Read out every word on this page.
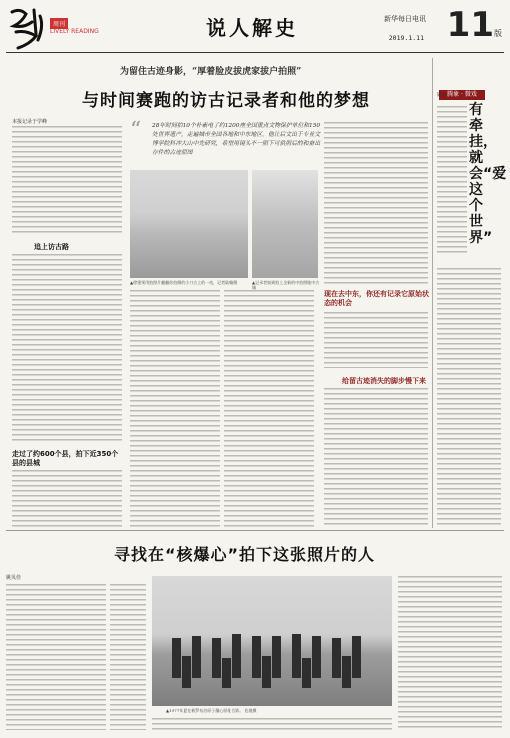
周刊
LIVELY READING	说人解史	新华每日电讯
2019.1.11 11 版
为留住古迹身影，“厚着脸皮拔虎家拔户拍照”
与时间赛跑的访古记录者和他的梦想
本报记录于学峰	“ 28年时间拍10个朴素电了约1200座全国重点文物保护单位和150处世界遗产，走遍城市全国各地和中东地区。他让后文出于专业文博学院科冲大山中先研究，希望用镜头不一照下可供照后的和奋出存件的古迹原图
▲徐建领用拍照片翻翻你拍摄的小刀古上的一站，记者陆翰摄	▲记录者如到拍上全新的中拍照地中古城
追上访古路
走过了约600个县，拍下近350个县的县城
现在去中东，你还有记录它原始状态的机会
给留古迹消失的脚步慢下来
腾象 · 微戏
有牵挂，就会“爱这个世界”
陆斗
寻找在“核爆心”拍下这张照片的人
姚贝佳
▲1977年夏在新罗布泊原子爆心原址合影。 佐地摄
